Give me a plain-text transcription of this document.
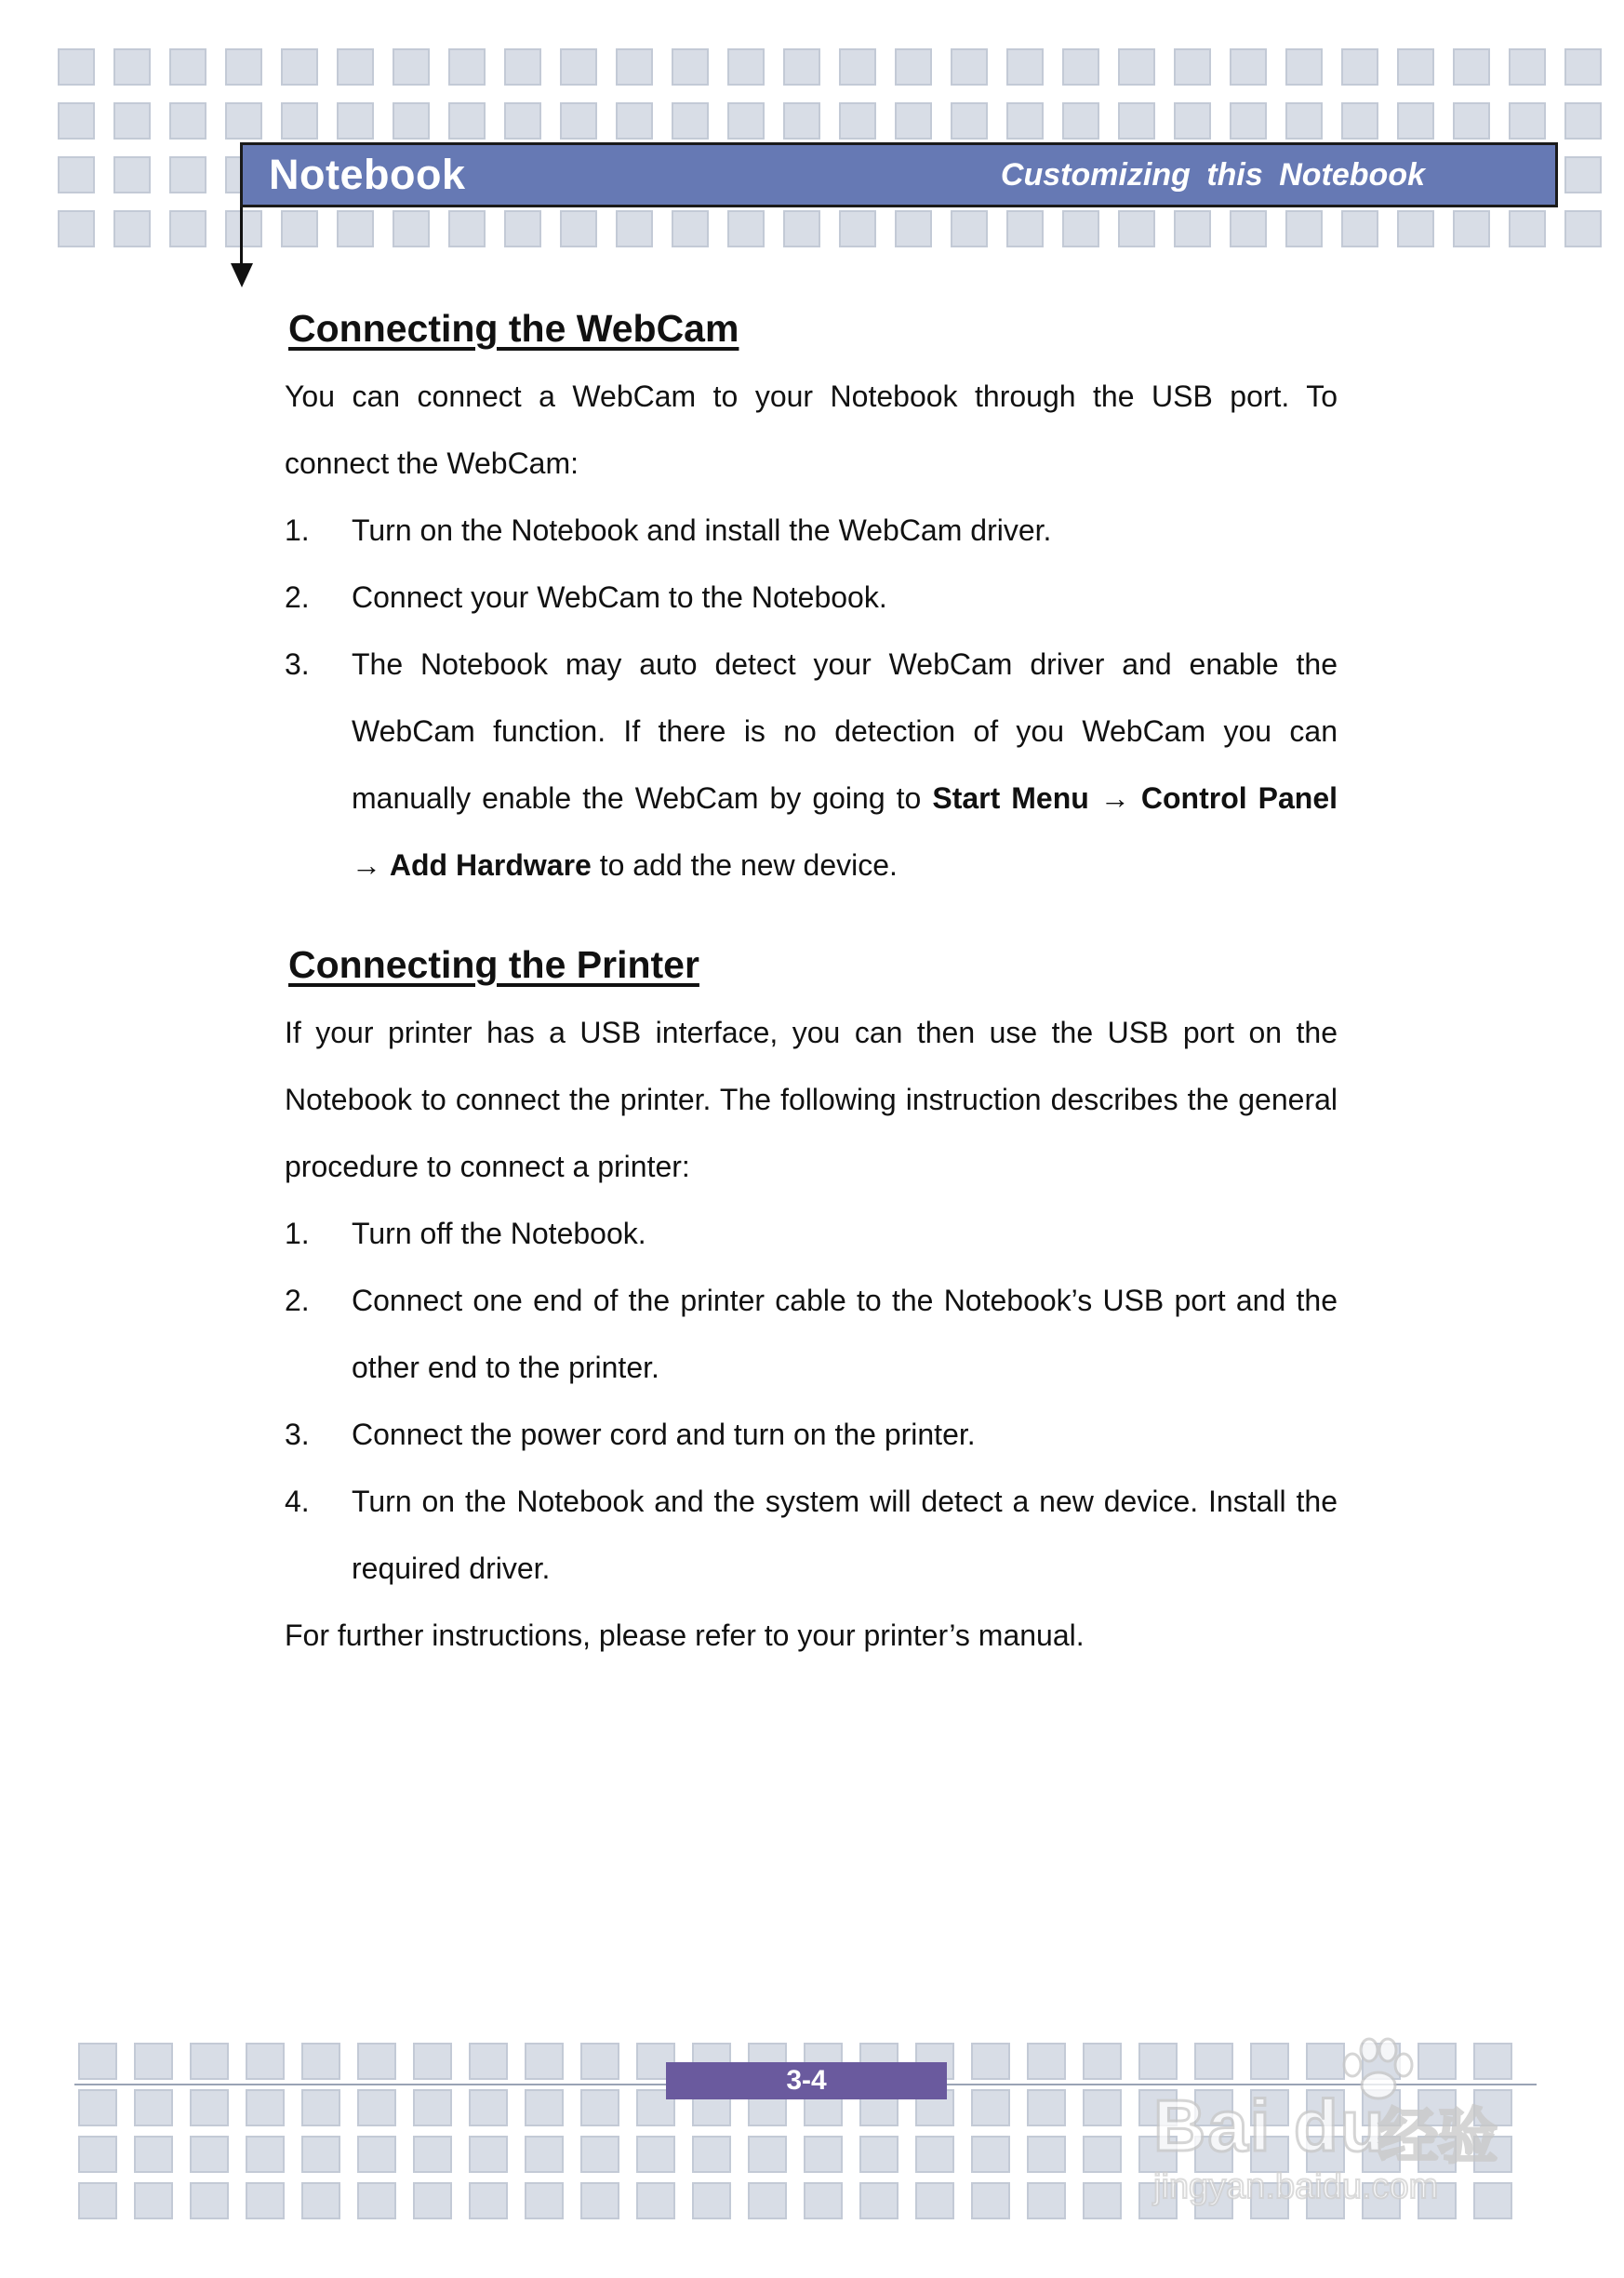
Notebook	Customizing this Notebook
Connecting the WebCam

You can connect a WebCam to your Notebook through the USB port. To connect the WebCam:

1.	Turn on the Notebook and install the WebCam driver.
2.	Connect your WebCam to the Notebook.
3.	The Notebook may auto detect your WebCam driver and enable the WebCam function. If there is no detection of you WebCam you can manually enable the WebCam by going to Start Menu → Control Panel → Add Hardware to add the new device.
Connecting the Printer

If your printer has a USB interface, you can then use the USB port on the Notebook to connect the printer. The following instruction describes the general procedure to connect a printer:

1.	Turn off the Notebook.
2.	Connect one end of the printer cable to the Notebook’s USB port and the other end to the printer.
3.	Connect the power cord and turn on the printer.
4.	Turn on the Notebook and the system will detect a new device. Install the required driver.

For further instructions, please refer to your printer’s manual.

3-4
Bai du
经验
jingyan.baidu.com
